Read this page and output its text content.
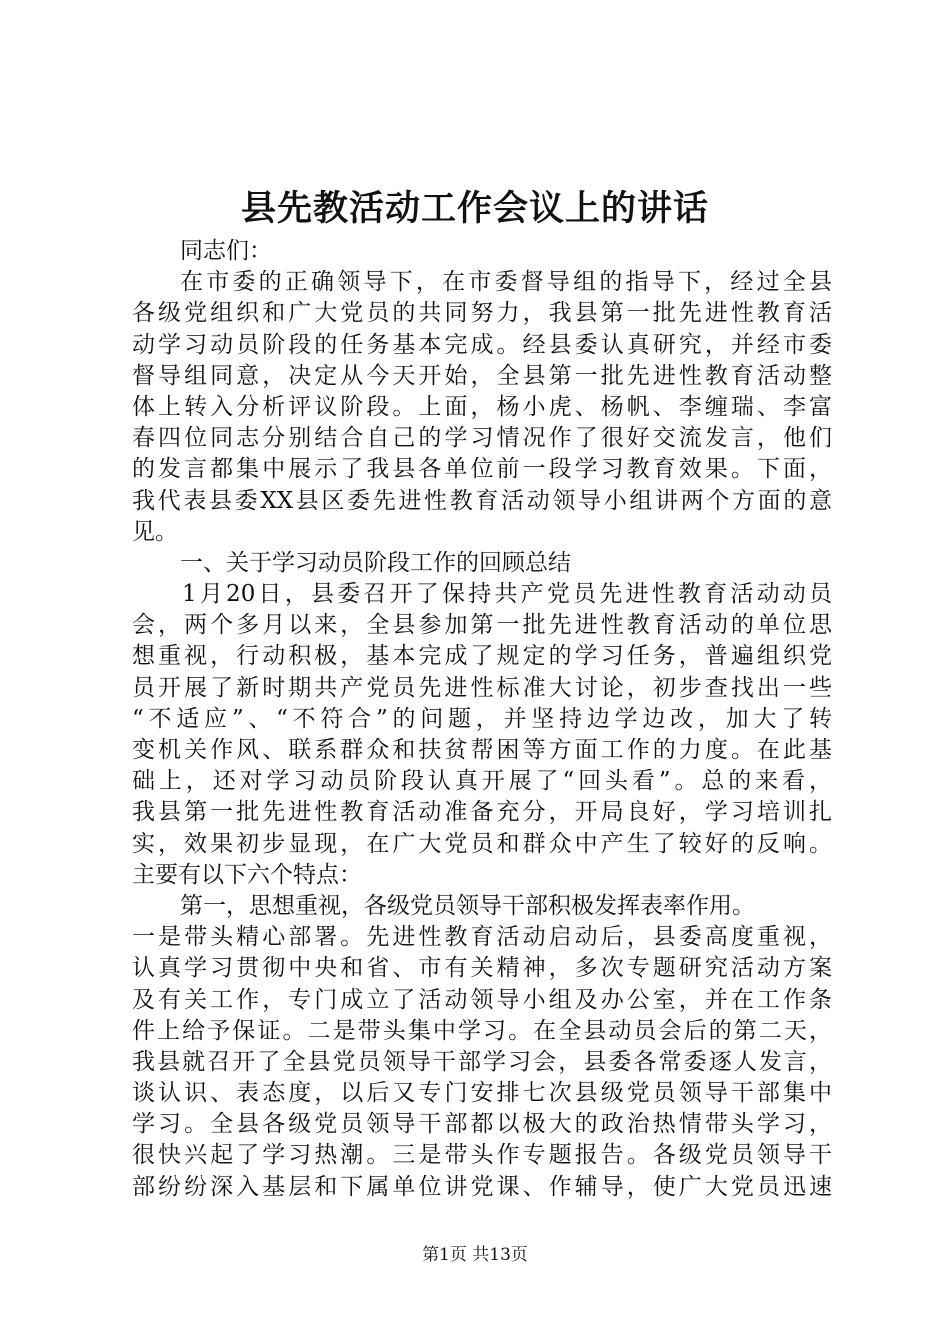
县先教活动工作会议上的讲话
同志们：
在市委的正确领导下，在市委督导组的指导下，经过全县
各级党组织和广大党员的共同努力，我县第一批先进性教育活
动学习动员阶段的任务基本完成。经县委认真研究，并经市委
督导组同意，决定从今天开始，全县第一批先进性教育活动整
体上转入分析评议阶段。上面，杨小虎、杨帆、李缠瑞、李富
春四位同志分别结合自己的学习情况作了很好交流发言，他们
的发言都集中展示了我县各单位前一段学习教育效果。下面，
我代表县委XX县区委先进性教育活动领导小组讲两个方面的意
见。
一、关于学习动员阶段工作的回顾总结
1月20日，县委召开了保持共产党员先进性教育活动动员
会，两个多月以来，全县参加第一批先进性教育活动的单位思
想重视，行动积极，基本完成了规定的学习任务，普遍组织党
员开展了新时期共产党员先进性标准大讨论，初步查找出一些
“不适应”、“不符合”的问题，并坚持边学边改，加大了转
变机关作风、联系群众和扶贫帮困等方面工作的力度。在此基
础上，还对学习动员阶段认真开展了“回头看”。总的来看，
我县第一批先进性教育活动准备充分，开局良好，学习培训扎
实，效果初步显现，在广大党员和群众中产生了较好的反响。
主要有以下六个特点：
第一，思想重视，各级党员领导干部积极发挥表率作用。
一是带头精心部署。先进性教育活动启动后，县委高度重视，
认真学习贯彻中央和省、市有关精神，多次专题研究活动方案
及有关工作，专门成立了活动领导小组及办公室，并在工作条
件上给予保证。二是带头集中学习。在全县动员会后的第二天，
我县就召开了全县党员领导干部学习会，县委各常委逐人发言，
谈认识、表态度，以后又专门安排七次县级党员领导干部集中
学习。全县各级党员领导干部都以极大的政治热情带头学习，
很快兴起了学习热潮。三是带头作专题报告。各级党员领导干
部纷纷深入基层和下属单位讲党课、作辅导，使广大党员迅速
第1页 共13页
